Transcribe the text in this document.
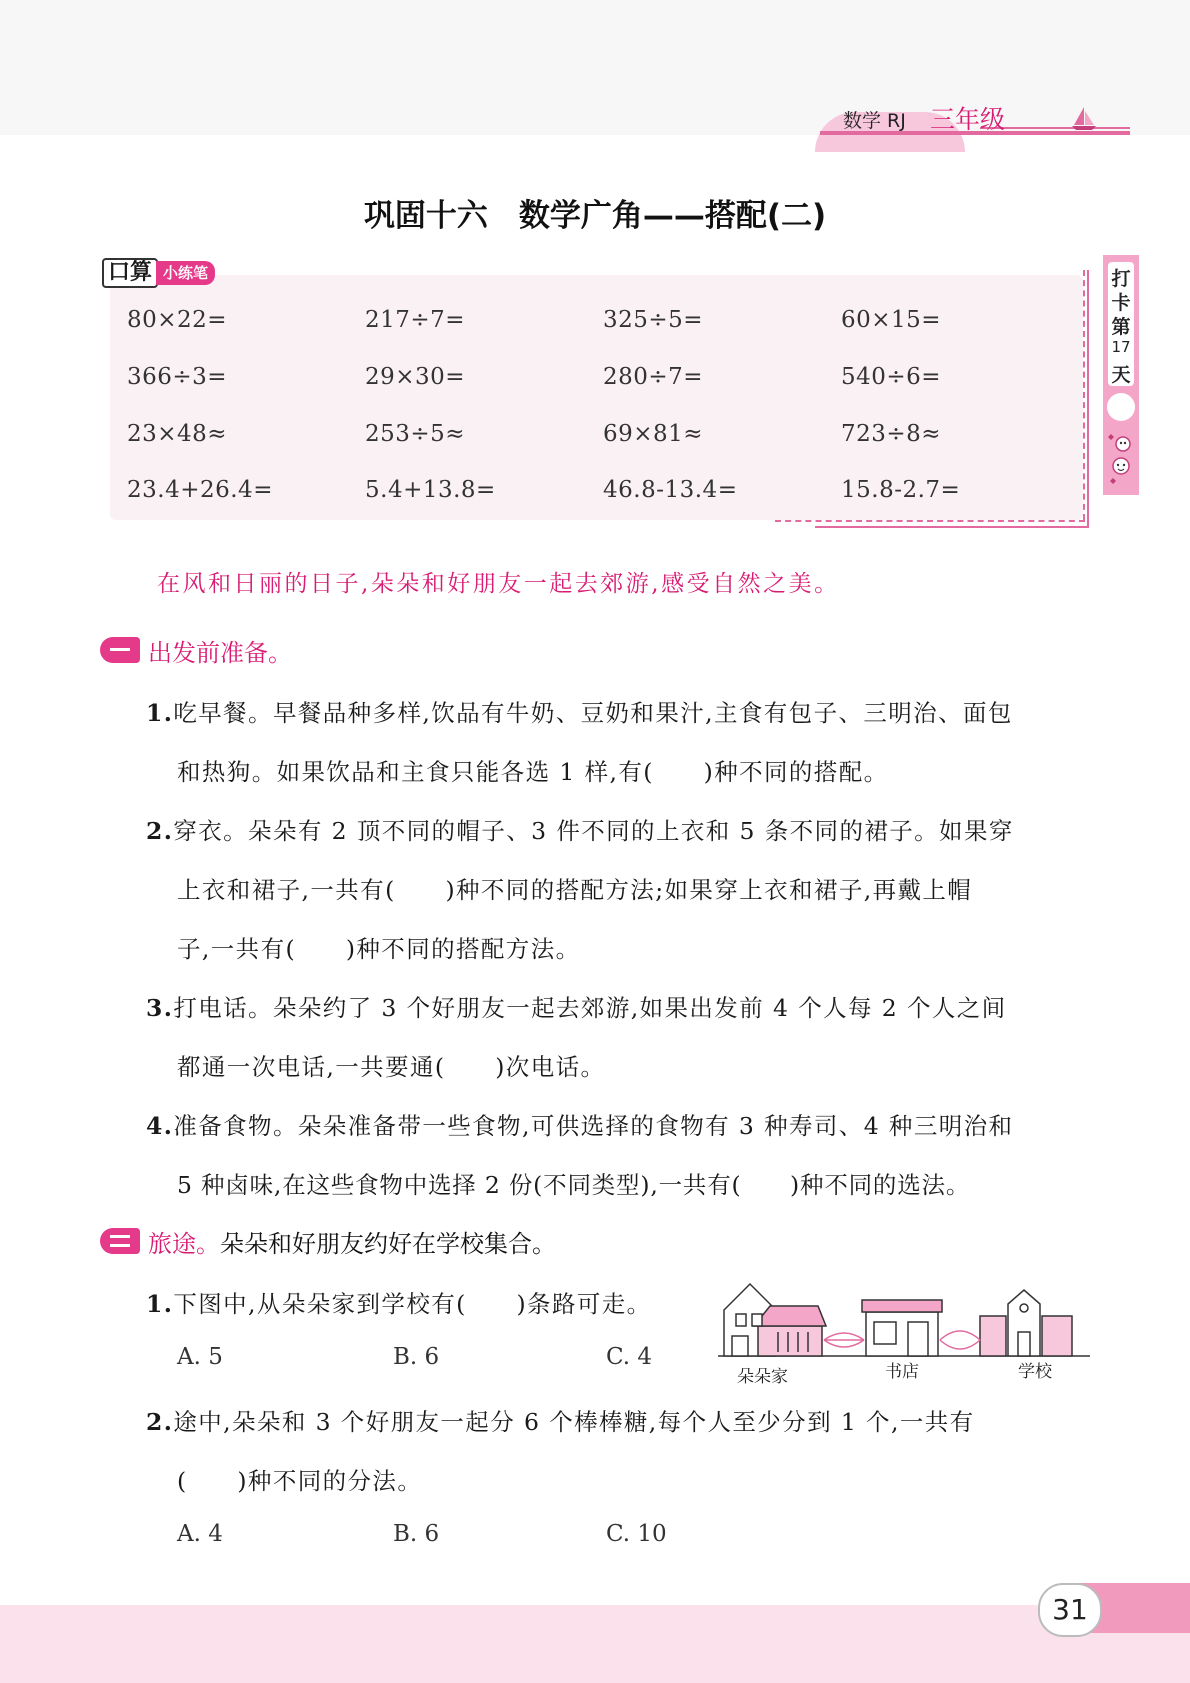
数学 RJ 三年级
巩固十六　数学广角——搭配(二)
口算 小练笔
80×22=	217÷7=	325÷5=	60×15=
366÷3=	29×30=	280÷7=	540÷6=
23×48≈	253÷5≈	69×81≈	723÷8≈
23.4+26.4=	5.4+13.8=	46.8-13.4=	15.8-2.7=
打
卡
第
17
天
在风和日丽的日子,朵朵和好朋友一起去郊游,感受自然之美。
出发前准备。
1.吃早餐。早餐品种多样,饮品有牛奶、豆奶和果汁,主食有包子、三明治、面包
和热狗。如果饮品和主食只能各选 1 样,有(　　)种不同的搭配。
2.穿衣。朵朵有 2 顶不同的帽子、3 件不同的上衣和 5 条不同的裙子。如果穿
上衣和裙子,一共有(　　)种不同的搭配方法;如果穿上衣和裙子,再戴上帽
子,一共有(　　)种不同的搭配方法。
3.打电话。朵朵约了 3 个好朋友一起去郊游,如果出发前 4 个人每 2 个人之间
都通一次电话,一共要通(　　)次电话。
4.准备食物。朵朵准备带一些食物,可供选择的食物有 3 种寿司、4 种三明治和
5 种卤味,在这些食物中选择 2 份(不同类型),一共有(　　)种不同的选法。
旅途。朵朵和好朋友约好在学校集合。
1.下图中,从朵朵家到学校有(　　)条路可走。
A. 5	B. 6	C. 4
朵朵家	书店	学校
2.途中,朵朵和 3 个好朋友一起分 6 个棒棒糖,每个人至少分到 1 个,一共有
(　　)种不同的分法。
A. 4	B. 6	C. 10
31
